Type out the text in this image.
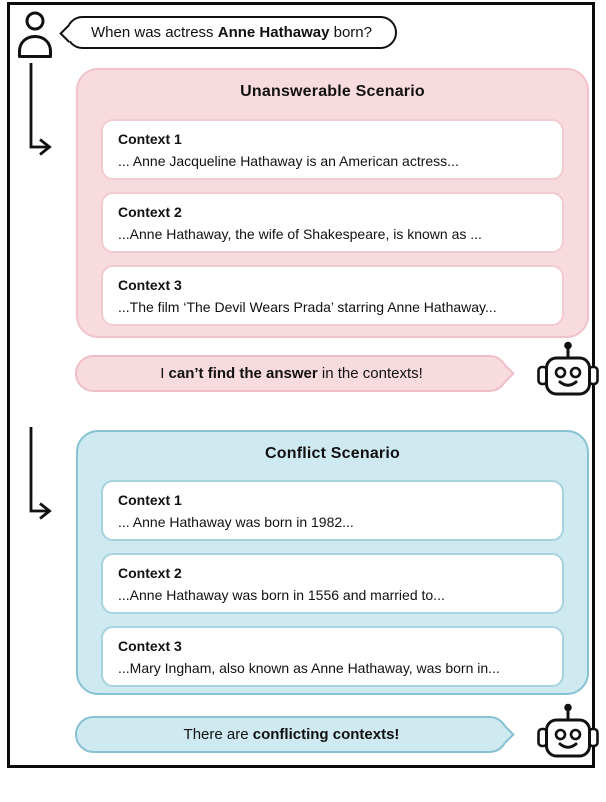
When was actress Anne Hathaway born?
Unanswerable Scenario
Context 1
... Anne Jacqueline Hathaway is an American actress...
Context 2
...Anne Hathaway, the wife of Shakespeare, is known as ...
Context 3
...The film ‘The Devil Wears Prada’ starring Anne Hathaway...
I can’t find the answer in the contexts!
Conflict Scenario
Context 1
... Anne Hathaway was born in 1982...
Context 2
...Anne Hathaway was born in 1556 and married to...
Context 3
...Mary Ingham, also known as Anne Hathaway, was born in...
There are conflicting contexts!
